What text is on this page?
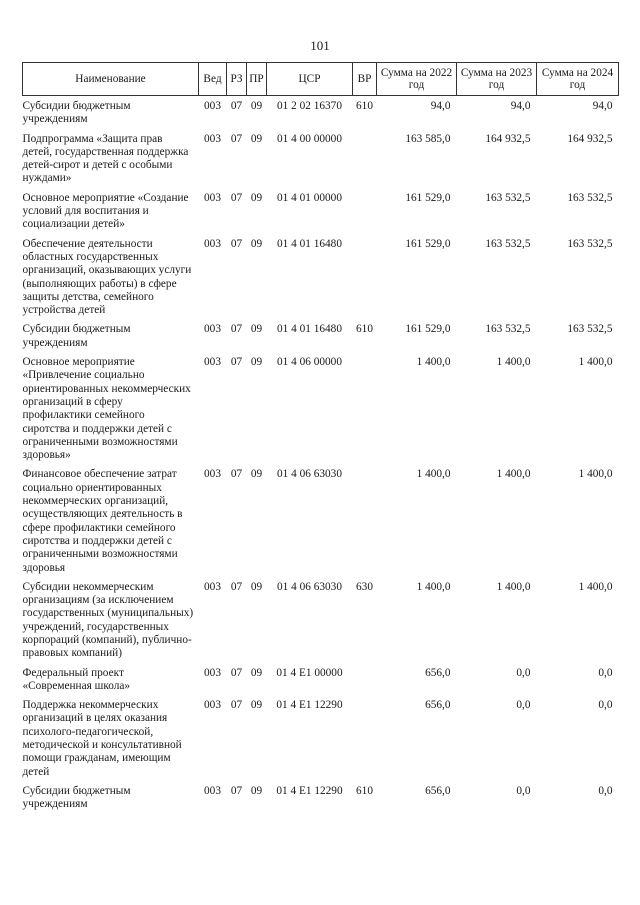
101
Наименование	Вед	РЗ	ПР	ЦСР	ВР	Сумма на 2022 год	Сумма на 2023 год	Сумма на 2024 год
Субсидии бюджетным учреждениям	003	07	09	01 2 02 16370	610	94,0	94,0	94,0
Подпрограмма «Защита прав детей, государственная поддержка детей-сирот и детей с особыми нуждами»	003	07	09	01 4 00 00000		163 585,0	164 932,5	164 932,5
Основное мероприятие «Создание условий для воспитания и социализации детей»	003	07	09	01 4 01 00000		161 529,0	163 532,5	163 532,5
Обеспечение деятельности областных государственных организаций, оказывающих услуги (выполняющих работы) в сфере защиты детства, семейного устройства детей	003	07	09	01 4 01 16480		161 529,0	163 532,5	163 532,5
Субсидии бюджетным учреждениям	003	07	09	01 4 01 16480	610	161 529,0	163 532,5	163 532,5
Основное мероприятие «Привлечение социально ориентированных некоммерческих организаций в сферу профилактики семейного сиротства и поддержки детей с ограниченными возможностями здоровья»	003	07	09	01 4 06 00000		1 400,0	1 400,0	1 400,0
Финансовое обеспечение затрат социально ориентированных некоммерческих организаций, осуществляющих деятельность в сфере профилактики семейного сиротства и поддержки детей с ограниченными возможностями здоровья	003	07	09	01 4 06 63030		1 400,0	1 400,0	1 400,0
Субсидии некоммерческим организациям (за исключением государственных (муниципальных) учреждений, государственных корпораций (компаний), публично-правовых компаний)	003	07	09	01 4 06 63030	630	1 400,0	1 400,0	1 400,0
Федеральный проект «Современная школа»	003	07	09	01 4 E1 00000		656,0	0,0	0,0
Поддержка некоммерческих организаций в целях оказания психолого-педагогической, методической и консультативной помощи гражданам, имеющим детей	003	07	09	01 4 E1 12290		656,0	0,0	0,0
Субсидии бюджетным учреждениям	003	07	09	01 4 E1 12290	610	656,0	0,0	0,0
